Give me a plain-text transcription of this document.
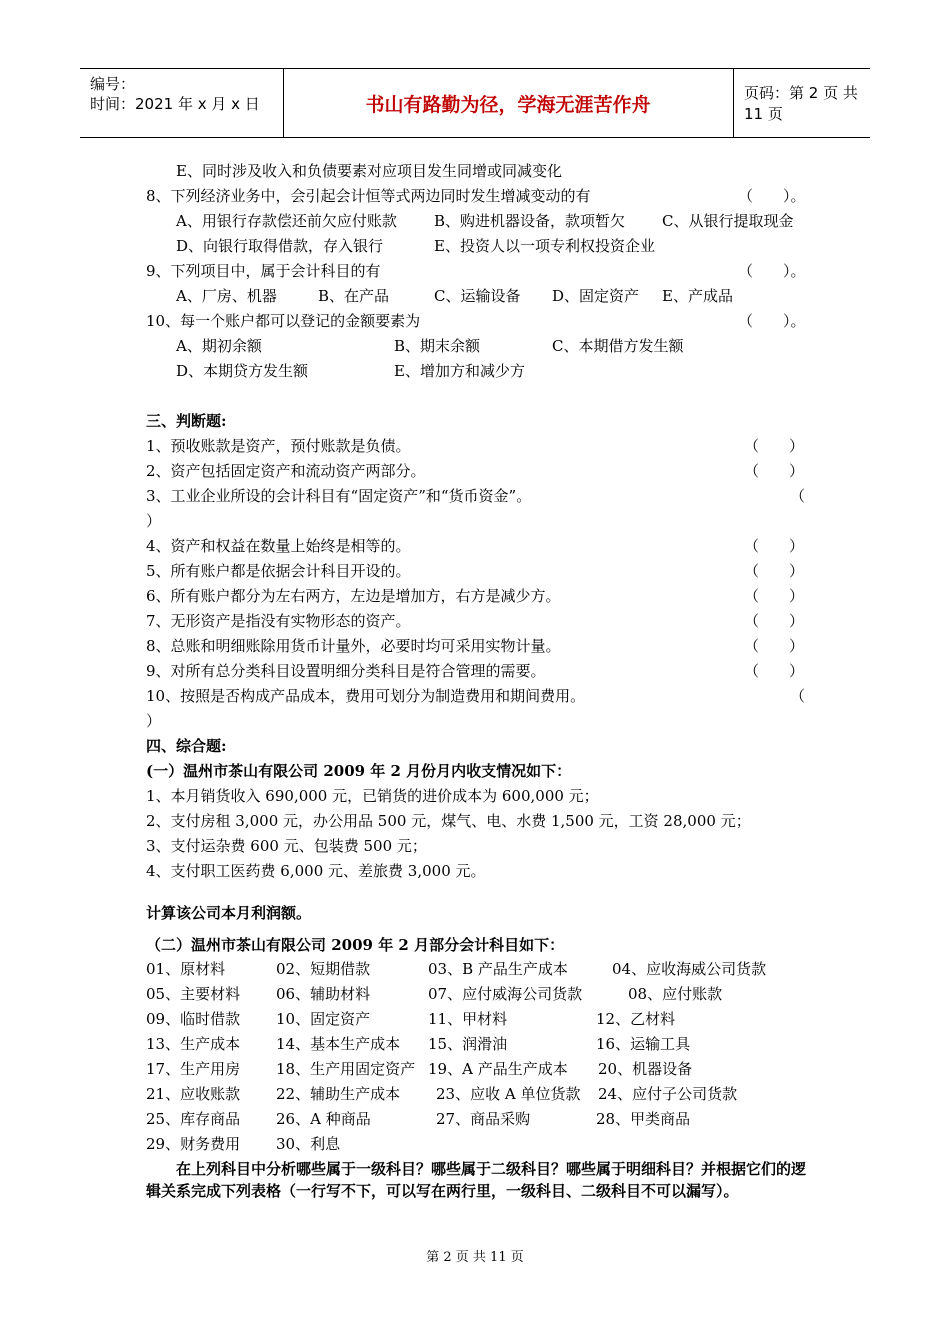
编号：
时间：2021 年 x 月 x 日	书山有路勤为径，学海无涯苦作舟
页码：第 2 页 共 11 页
E、同时涉及收入和负债要素对应项目发生同增或同减变化
8、下列经济业务中，会引起会计恒等式两边同时发生增减变动的有	（　　）。
A、用银行存款偿还前欠应付账款 B、购进机器设备，款项暂欠 C、从银行提取现金
D、向银行取得借款，存入银行	E、投资人以一项专利权投资企业
9、下列项目中，属于会计科目的有	（　　）。
A、厂房、机器	B、在产品	C、运输设备 D、固定资产 E、产成品
10、每一个账户都可以登记的金额要素为	（　　）。
A、期初余额	B、期末余额	C、本期借方发生额
D、本期贷方发生额	E、增加方和减少方
三、判断题:
1、预收账款是资产，预付账款是负债。	（　　）
2、资产包括固定资产和流动资产两部分。	（　　）
3、工业企业所设的会计科目有“固定资产”和“货币资金”。	（
）
4、资产和权益在数量上始终是相等的。	（　　）
5、所有账户都是依据会计科目开设的。	（　　）
6、所有账户都分为左右两方，左边是增加方，右方是减少方。	（　　）
7、无形资产是指没有实物形态的资产。	（　　）
8、总账和明细账除用货币计量外，必要时均可采用实物计量。	（　　）
9、对所有总分类科目设置明细分类科目是符合管理的需要。	（　　）
10、按照是否构成产品成本，费用可划分为制造费用和期间费用。	（
）
四、综合题:
(一）温州市茶山有限公司 2009 年 2 月份月内收支情况如下：
1、本月销货收入 690,000 元，已销货的进价成本为 600,000 元；
2、支付房租 3,000 元，办公用品 500 元，煤气、电、水费 1,500 元，工资 28,000 元；
3、支付运杂费 600 元、包装费 500 元；
4、支付职工医药费 6,000 元、差旅费 3,000 元。
计算该公司本月利润额。
（二）温州市茶山有限公司 2009 年 2 月部分会计科目如下：
01、原材料	02、短期借款	03、B 产品生产成本	04、应收海威公司货款
05、主要材料 06、辅助材料	07、应付威海公司货款	08、应付账款
09、临时借款 10、固定资产	11、甲材料	12、乙材料
13、生产成本 14、基本生产成本 15、润滑油	16、运输工具
17、生产用房 18、生产用固定资产 19、A 产品生产成本 20、机器设备
21、应收账款 22、辅助生产成本 23、应收 A 单位货款 24、应付子公司货款
25、库存商品 26、A 种商品	27、商品采购	28、甲类商品
29、财务费用 30、利息
在上列科目中分析哪些属于一级科目？哪些属于二级科目？哪些属于明细科目？并根据它们的逻辑关系完成下列表格（一行写不下，可以写在两行里，一级科目、二级科目不可以漏写）。
第 2 页 共 11 页
